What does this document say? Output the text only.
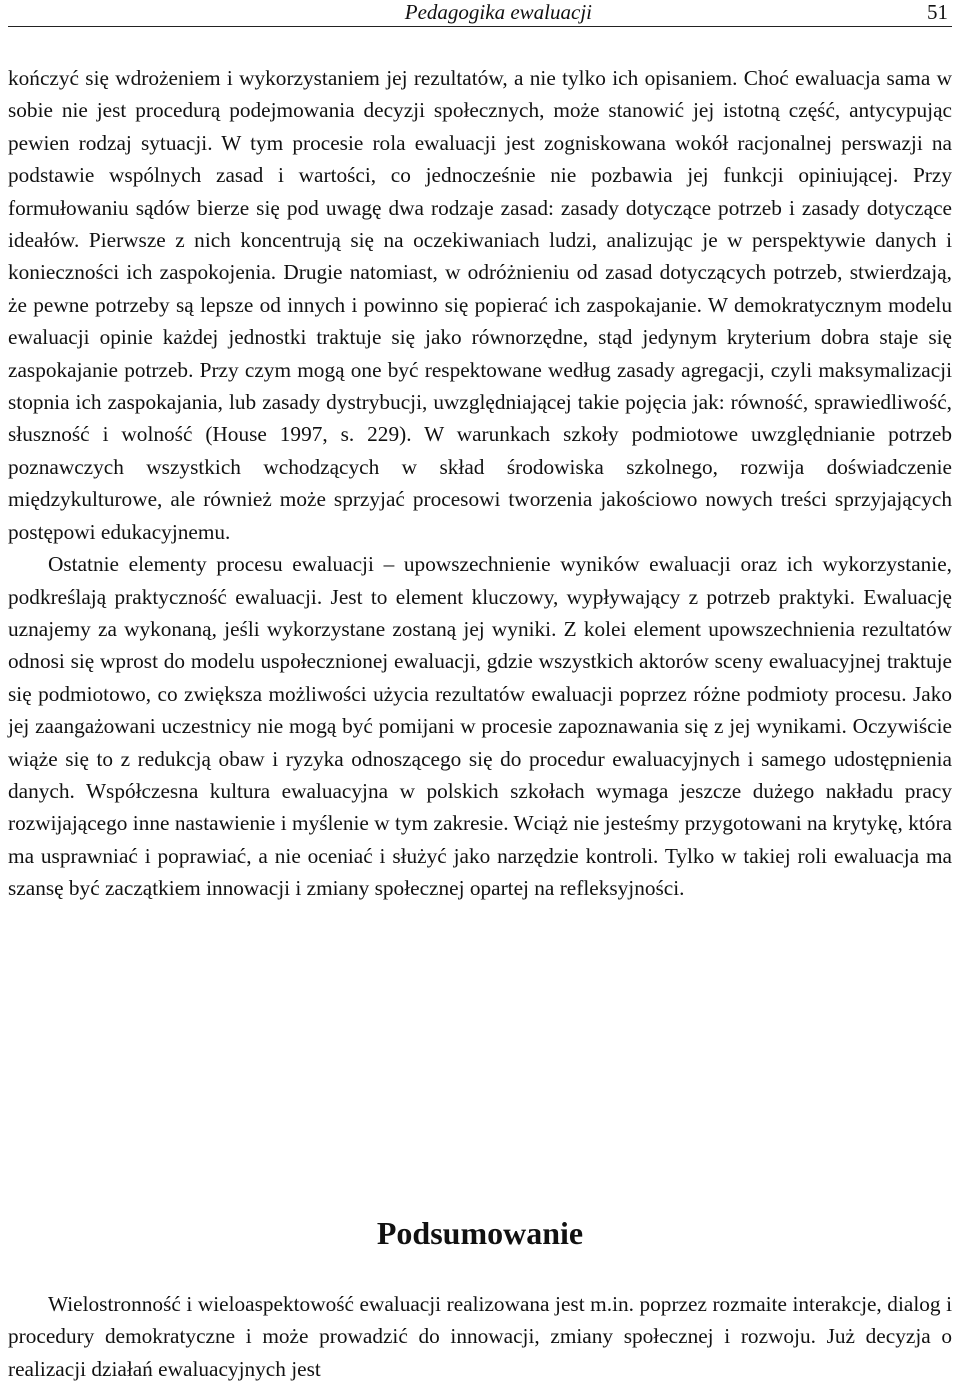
Pedagogika ewaluacji	51

kończyć się wdrożeniem i wykorzystaniem jej rezultatów, a nie tylko ich opisaniem. Choć ewaluacja sama w sobie nie jest procedurą podejmowania decyzji społecznych, może stanowić jej istotną część, antycypując pewien rodzaj sytuacji. W tym procesie rola ewaluacji jest zogniskowana wokół racjonalnej perswazji na podstawie wspólnych zasad i wartości, co jednocześnie nie pozbawia jej funkcji opiniującej. Przy formułowaniu sądów bierze się pod uwagę dwa rodzaje zasad: zasady dotyczące potrzeb i zasady dotyczące ideałów. Pierwsze z nich koncentrują się na oczekiwaniach ludzi, analizując je w perspektywie danych i konieczności ich zaspokojenia. Drugie natomiast, w odróżnieniu od zasad dotyczących potrzeb, stwierdzają, że pewne potrzeby są lepsze od innych i powinno się popierać ich zaspokajanie. W demokratycznym modelu ewaluacji opinie każdej jednostki traktuje się jako równorzędne, stąd jedynym kryterium dobra staje się zaspokajanie potrzeb. Przy czym mogą one być respektowane według zasady agregacji, czyli maksymalizacji stopnia ich zaspokajania, lub zasady dystrybucji, uwzględniającej takie pojęcia jak: równość, sprawiedliwość, słuszność i wolność (House 1997, s. 229). W warunkach szkoły podmiotowe uwzględnianie potrzeb poznawczych wszystkich wchodzących w skład środowiska szkolnego, rozwija doświadczenie międzykulturowe, ale również może sprzyjać procesowi tworzenia jakościowo nowych treści sprzyjających postępowi edukacyjnemu.

Ostatnie elementy procesu ewaluacji – upowszechnienie wyników ewaluacji oraz ich wykorzystanie, podkreślają praktyczność ewaluacji. Jest to element kluczowy, wypływający z potrzeb praktyki. Ewaluację uznajemy za wykonaną, jeśli wykorzystane zostaną jej wyniki. Z kolei element upowszechnienia rezultatów odnosi się wprost do modelu uspołecznionej ewaluacji, gdzie wszystkich aktorów sceny ewaluacyjnej traktuje się podmiotowo, co zwiększa możliwości użycia rezultatów ewaluacji poprzez różne podmioty procesu. Jako jej zaangażowani uczestnicy nie mogą być pomijani w procesie zapoznawania się z jej wynikami. Oczywiście wiąże się to z redukcją obaw i ryzyka odnoszącego się do procedur ewaluacyjnych i samego udostępnienia danych. Współczesna kultura ewaluacyjna w polskich szkołach wymaga jeszcze dużego nakładu pracy rozwijającego inne nastawienie i myślenie w tym zakresie. Wciąż nie jesteśmy przygotowani na krytykę, która ma usprawniać i poprawiać, a nie oceniać i służyć jako narzędzie kontroli. Tylko w takiej roli ewaluacja ma szansę być zaczątkiem innowacji i zmiany społecznej opartej na refleksyjności.

Podsumowanie

Wielostronność i wieloaspektowość ewaluacji realizowana jest m.in. poprzez rozmaite interakcje, dialog i procedury demokratyczne i może prowadzić do innowacji, zmiany społecznej i rozwoju. Już decyzja o realizacji działań ewaluacyjnych jest
